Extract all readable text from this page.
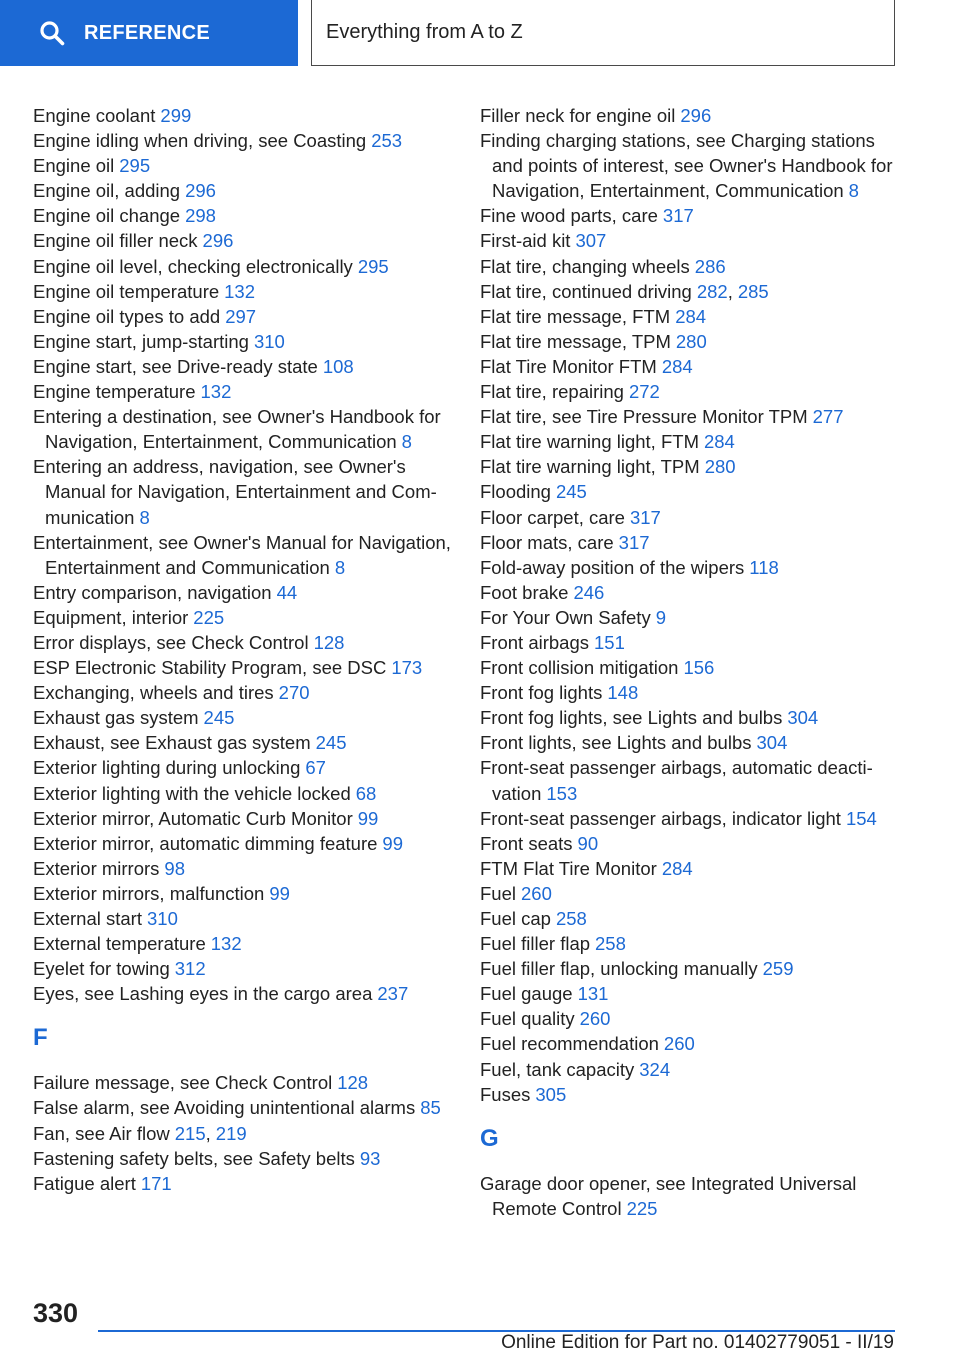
REFERENCE	Everything from A to Z
Engine coolant 299
Engine idling when driving, see Coasting 253
Engine oil 295
Engine oil, adding 296
Engine oil change 298
Engine oil filler neck 296
Engine oil level, checking electronically 295
Engine oil temperature 132
Engine oil types to add 297
Engine start, jump-starting 310
Engine start, see Drive-ready state 108
Engine temperature 132
Entering a destination, see Owner's Handbook for Navigation, Entertainment, Communication 8
Entering an address, navigation, see Owner's Manual for Navigation, Entertainment and Communication 8
Entertainment, see Owner's Manual for Navigation, Entertainment and Communication 8
Entry comparison, navigation 44
Equipment, interior 225
Error displays, see Check Control 128
ESP Electronic Stability Program, see DSC 173
Exchanging, wheels and tires 270
Exhaust gas system 245
Exhaust, see Exhaust gas system 245
Exterior lighting during unlocking 67
Exterior lighting with the vehicle locked 68
Exterior mirror, Automatic Curb Monitor 99
Exterior mirror, automatic dimming feature 99
Exterior mirrors 98
Exterior mirrors, malfunction 99
External start 310
External temperature 132
Eyelet for towing 312
Eyes, see Lashing eyes in the cargo area 237
F
Failure message, see Check Control 128
False alarm, see Avoiding unintentional alarms 85
Fan, see Air flow 215, 219
Fastening safety belts, see Safety belts 93
Fatigue alert 171
Filler neck for engine oil 296
Finding charging stations, see Charging stations and points of interest, see Owner's Handbook for Navigation, Entertainment, Communication 8
Fine wood parts, care 317
First-aid kit 307
Flat tire, changing wheels 286
Flat tire, continued driving 282, 285
Flat tire message, FTM 284
Flat tire message, TPM 280
Flat Tire Monitor FTM 284
Flat tire, repairing 272
Flat tire, see Tire Pressure Monitor TPM 277
Flat tire warning light, FTM 284
Flat tire warning light, TPM 280
Flooding 245
Floor carpet, care 317
Floor mats, care 317
Fold-away position of the wipers 118
Foot brake 246
For Your Own Safety 9
Front airbags 151
Front collision mitigation 156
Front fog lights 148
Front fog lights, see Lights and bulbs 304
Front lights, see Lights and bulbs 304
Front-seat passenger airbags, automatic deactivation 153
Front-seat passenger airbags, indicator light 154
Front seats 90
FTM Flat Tire Monitor 284
Fuel 260
Fuel cap 258
Fuel filler flap 258
Fuel filler flap, unlocking manually 259
Fuel gauge 131
Fuel quality 260
Fuel recommendation 260
Fuel, tank capacity 324
Fuses 305
G
Garage door opener, see Integrated Universal Remote Control 225
330
Online Edition for Part no. 01402779051 - II/19
